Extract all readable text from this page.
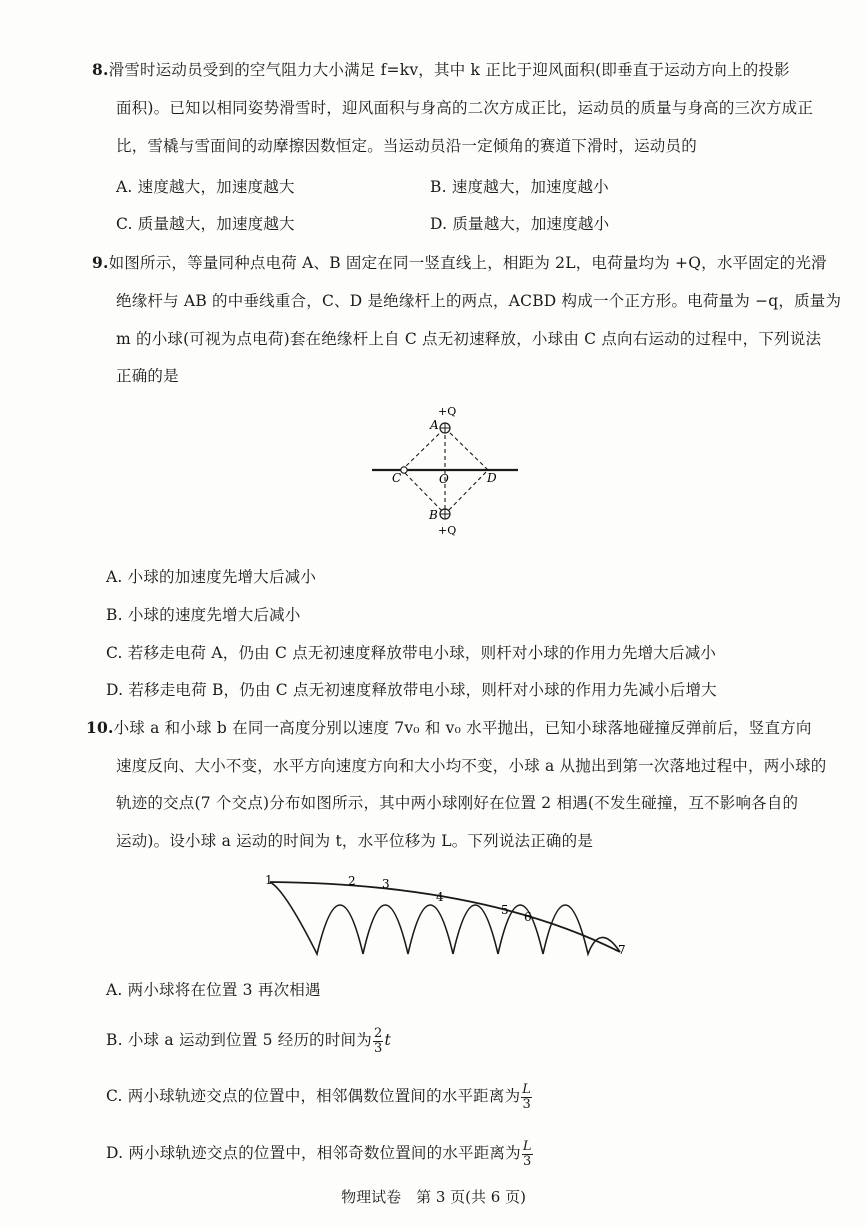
8.滑雪时运动员受到的空气阻力大小满足 f=kv，其中 k 正比于迎风面积(即垂直于运动方向上的投影
面积)。已知以相同姿势滑雪时，迎风面积与身高的二次方成正比，运动员的质量与身高的三次方成正
比，雪橇与雪面间的动摩擦因数恒定。当运动员沿一定倾角的赛道下滑时，运动员的
A. 速度越大，加速度越大	B. 速度越大，加速度越小
C. 质量越大，加速度越大	D. 质量越大，加速度越小
9.如图所示，等量同种点电荷 A、B 固定在同一竖直线上，相距为 2L，电荷量均为 +Q，水平固定的光滑
绝缘杆与 AB 的中垂线重合，C、D 是绝缘杆上的两点，ACBD 构成一个正方形。电荷量为 −q，质量为
m 的小球(可视为点电荷)套在绝缘杆上自 C 点无初速释放，小球由 C 点向右运动的过程中，下列说法
正确的是
+Q
A
C	O	D
B
+Q
A. 小球的加速度先增大后减小
B. 小球的速度先增大后减小
C. 若移走电荷 A，仍由 C 点无初速度释放带电小球，则杆对小球的作用力先增大后减小
D. 若移走电荷 B，仍由 C 点无初速度释放带电小球，则杆对小球的作用力先减小后增大
10.小球 a 和小球 b 在同一高度分别以速度 7v₀ 和 v₀ 水平抛出，已知小球落地碰撞反弹前后，竖直方向
速度反向、大小不变，水平方向速度方向和大小均不变，小球 a 从抛出到第一次落地过程中，两小球的
轨迹的交点(7 个交点)分布如图所示，其中两小球刚好在位置 2 相遇(不发生碰撞，互不影响各自的
运动)。设小球 a 运动的时间为 t，水平位移为 L。下列说法正确的是
1	2 3
4
5 6
7
A. 两小球将在位置 3 再次相遇
B. 小球 a 运动到位置 5 经历的时间为 $\frac{2}{3}$ t
C. 两小球轨迹交点的位置中，相邻偶数位置间的水平距离为 $\frac{L}{3}$
D. 两小球轨迹交点的位置中，相邻奇数位置间的水平距离为 $\frac{L}{3}$
物理试卷　第 3 页(共 6 页)
